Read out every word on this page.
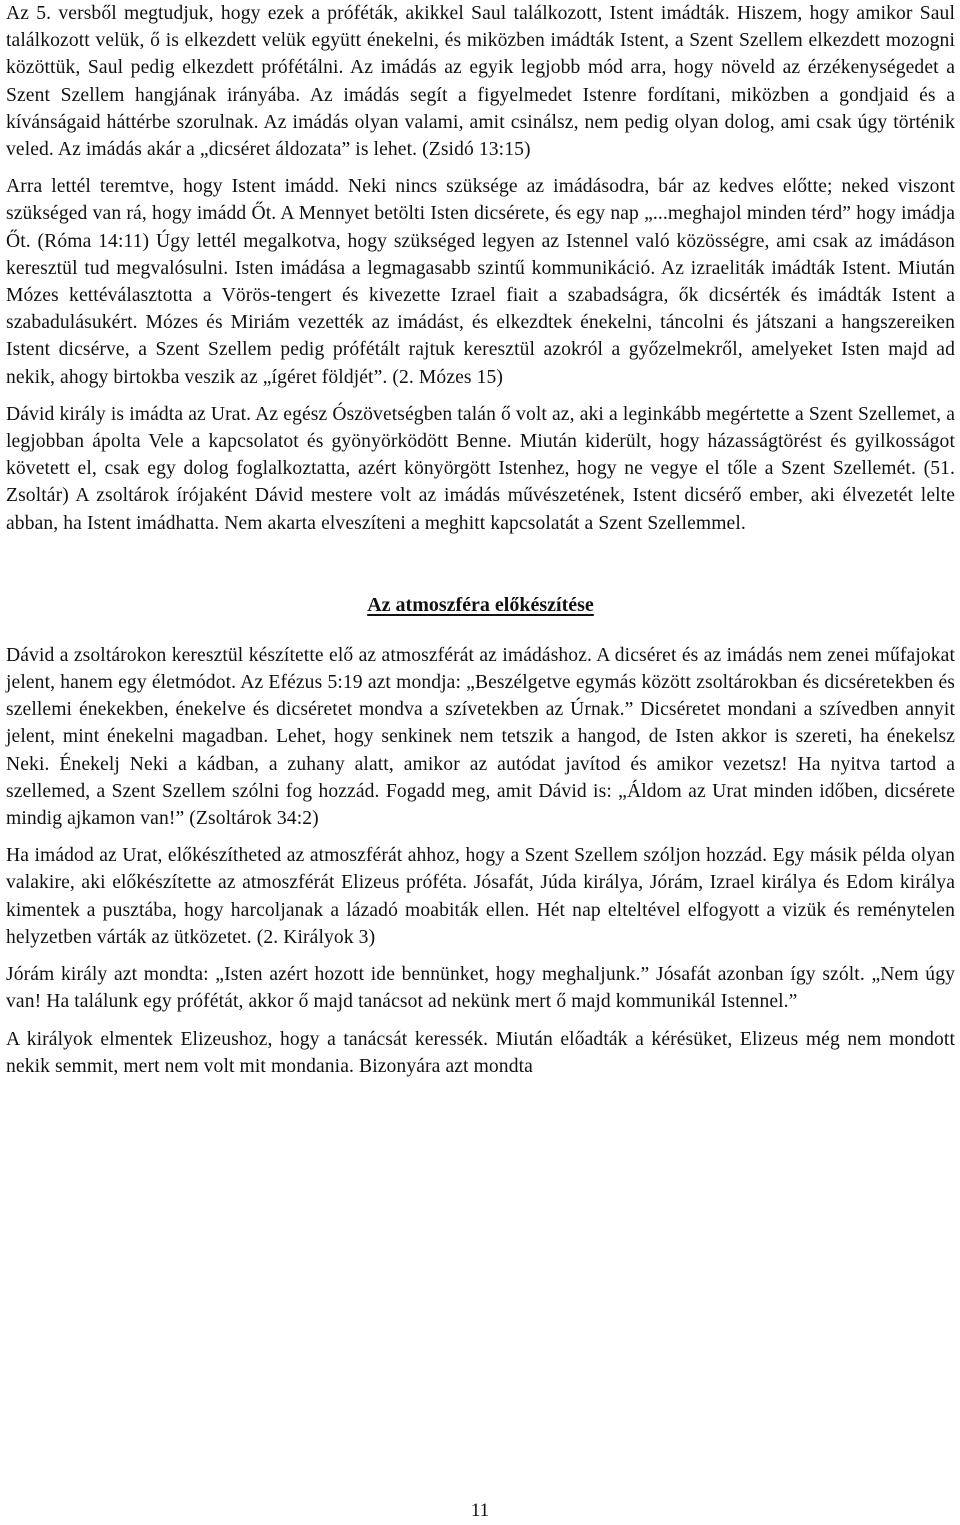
Az 5. versből megtudjuk, hogy ezek a próféták, akikkel Saul találkozott, Istent imádták. Hiszem, hogy amikor Saul találkozott velük, ő is elkezdett velük együtt énekelni, és miközben imádták Istent, a Szent Szellem elkezdett mozogni közöttük, Saul pedig elkezdett prófétálni. Az imádás az egyik legjobb mód arra, hogy növeld az érzékenységedet a Szent Szellem hangjának irányába. Az imádás segít a figyelmedet Istenre fordítani, miközben a gondjaid és a kívánságaid háttérbe szorulnak. Az imádás olyan valami, amit csinálsz, nem pedig olyan dolog, ami csak úgy történik veled. Az imádás akár a „dicséret áldozata” is lehet. (Zsidó 13:15)

Arra lettél teremtve, hogy Istent imádd. Neki nincs szüksége az imádásodra, bár az kedves előtte; neked viszont szükséged van rá, hogy imádd Őt. A Mennyet betölti Isten dicsérete, és egy nap „...meghajol minden térd” hogy imádja Őt. (Róma 14:11) Úgy lettél megalkotva, hogy szükséged legyen az Istennel való közösségre, ami csak az imádáson keresztül tud megvalósulni. Isten imádása a legmagasabb szintű kommunikáció. Az izraeliták imádták Istent. Miután Mózes kettéválasztotta a Vörös-tengert és kivezette Izrael fiait a szabadságra, ők dicsérték és imádták Istent a szabadulásukért. Mózes és Miriám vezették az imádást, és elkezdtek énekelni, táncolni és játszani a hangszereiken Istent dicsérve, a Szent Szellem pedig prófétált rajtuk keresztül azokról a győzelmekről, amelyeket Isten majd ad nekik, ahogy birtokba veszik az „ígéret földjét”. (2. Mózes 15)

Dávid király is imádta az Urat. Az egész Ószövetségben talán ő volt az, aki a leginkább megértette a Szent Szellemet, a legjobban ápolta Vele a kapcsolatot és gyönyörködött Benne. Miután kiderült, hogy házasságtörést és gyilkosságot követett el, csak egy dolog foglalkoztatta, azért könyörgött Istenhez, hogy ne vegye el tőle a Szent Szellemét. (51. Zsoltár) A zsoltárok írójaként Dávid mestere volt az imádás művészetének, Istent dicsérő ember, aki élvezetét lelte abban, ha Istent imádhatta. Nem akarta elveszíteni a meghitt kapcsolatát a Szent Szellemmel.

Az atmoszféra előkészítése

Dávid a zsoltárokon keresztül készítette elő az atmoszférát az imádáshoz. A dicséret és az imádás nem zenei műfajokat jelent, hanem egy életmódot. Az Efézus 5:19 azt mondja: „Beszélgetve egymás között zsoltárokban és dicséretekben és szellemi énekekben, énekelve és dicséretet mondva a szívetekben az Úrnak.” Dicséretet mondani a szívedben annyit jelent, mint énekelni magadban. Lehet, hogy senkinek nem tetszik a hangod, de Isten akkor is szereti, ha énekelsz Neki. Énekelj Neki a kádban, a zuhany alatt, amikor az autódat javítod és amikor vezetsz! Ha nyitva tartod a szellemed, a Szent Szellem szólni fog hozzád. Fogadd meg, amit Dávid is: „Áldom az Urat minden időben, dicsérete mindig ajkamon van!” (Zsoltárok 34:2)

Ha imádod az Urat, előkészítheted az atmoszférát ahhoz, hogy a Szent Szellem szóljon hozzád. Egy másik példa olyan valakire, aki előkészítette az atmoszférát Elizeus próféta. Jósafát, Júda királya, Jórám, Izrael királya és Edom királya kimentek a pusztába, hogy harcoljanak a lázadó moabiták ellen. Hét nap elteltével elfogyott a vizük és reménytelen helyzetben várták az ütközetet. (2. Királyok 3)

Jórám király azt mondta: „Isten azért hozott ide bennünket, hogy meghaljunk.” Jósafát azonban így szólt. „Nem úgy van! Ha találunk egy prófétát, akkor ő majd tanácsot ad nekünk mert ő majd kommunikál Istennel.”

A királyok elmentek Elizeushoz, hogy a tanácsát keressék. Miután előadták a kérésüket, Elizeus még nem mondott nekik semmit, mert nem volt mit mondania. Bizonyára azt mondta

11
